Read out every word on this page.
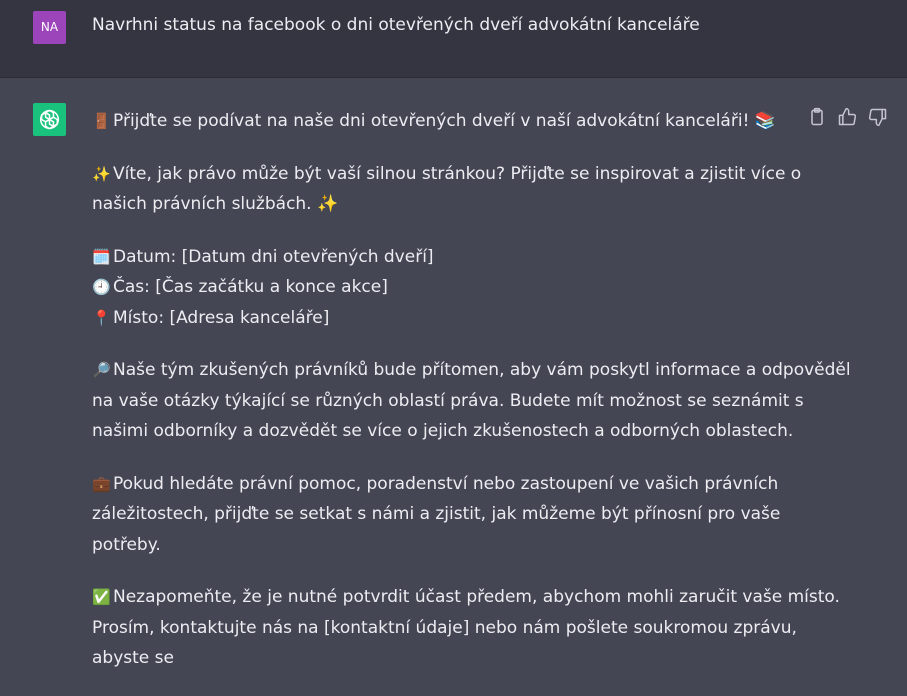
NA	Navrhni status na facebook o dni otevřených dveří advokátní kanceláře

🚪 Přijďte se podívat na naše dni otevřených dveří v naší advokátní kanceláři! 📚

✨ Víte, jak právo může být vaší silnou stránkou? Přijďte se inspirovat a zjistit více o našich právních službách. ✨

🗓️ Datum: [Datum dni otevřených dveří]
🕘 Čas: [Čas začátku a konce akce]
📍 Místo: [Adresa kanceláře]

🔎 Naše tým zkušených právníků bude přítomen, aby vám poskytl informace a odpověděl na vaše otázky týkající se různých oblastí práva. Budete mít možnost se seznámit s našimi odborníky a dozvědět se více o jejich zkušenostech a odborných oblastech.

💼 Pokud hledáte právní pomoc, poradenství nebo zastoupení ve vašich právních záležitostech, přijďte se setkat s námi a zjistit, jak můžeme být přínosní pro vaše potřeby.

✅ Nezapomeňte, že je nutné potvrdit účast předem, abychom mohli zaručit vaše místo. Prosím, kontaktujte nás na [kontaktní údaje] nebo nám pošlete soukromou zprávu, abyste se
